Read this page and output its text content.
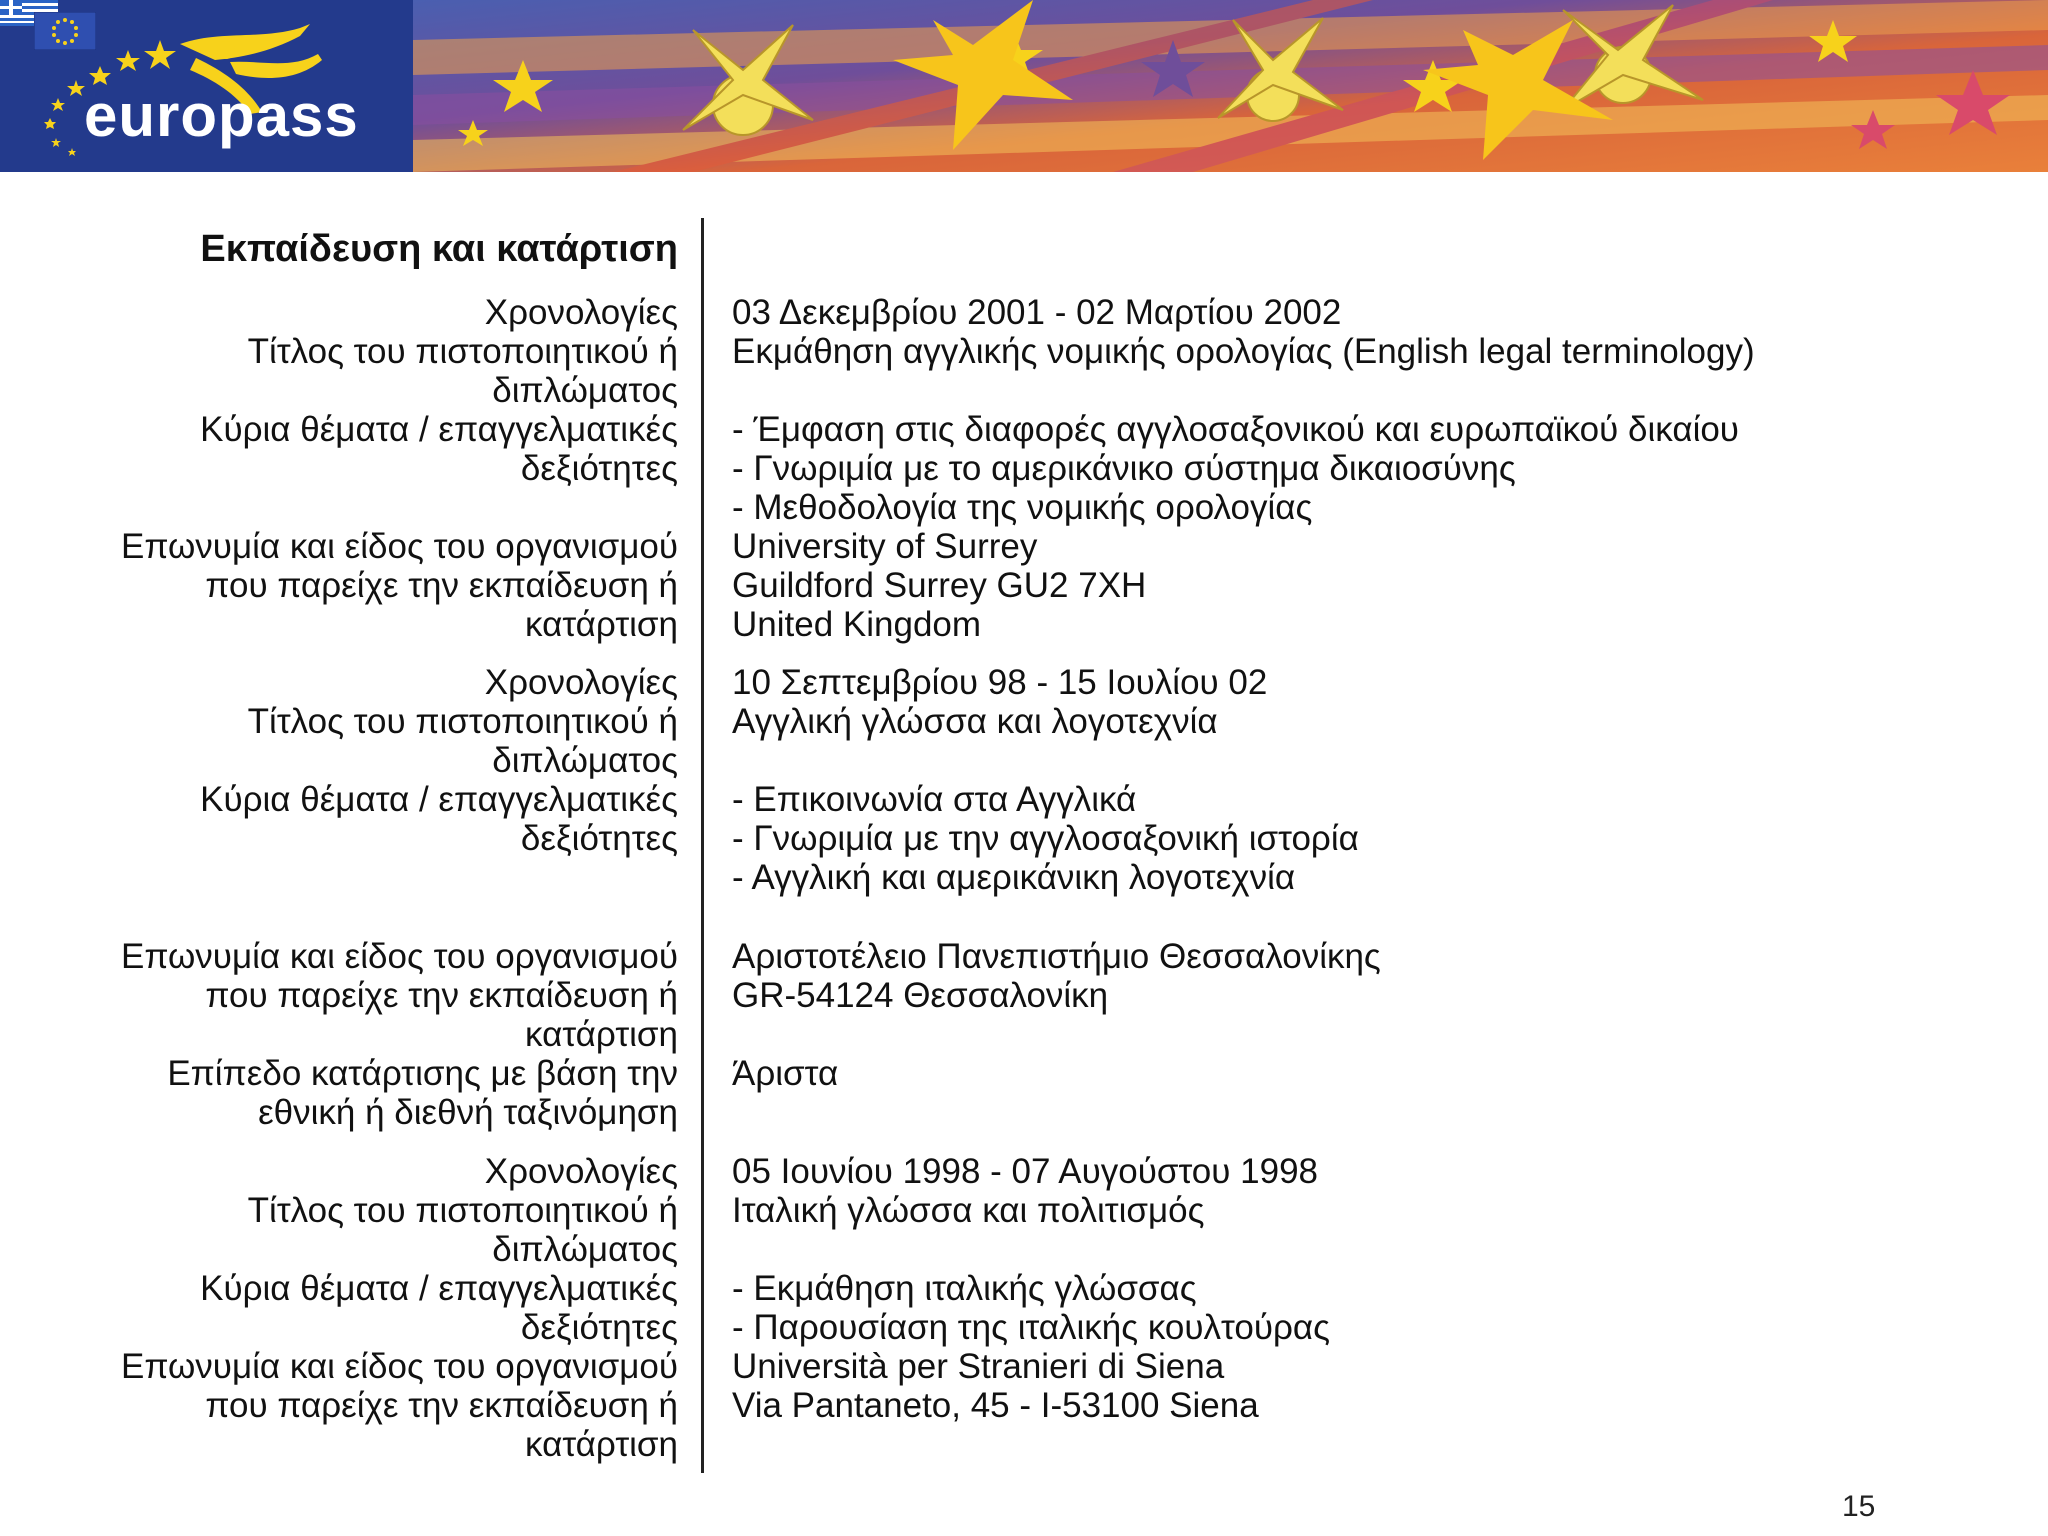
europass
Εκπαίδευση και κατάρτιση
Χρονολογίες 03 Δεκεμβρίου 2001 - 02 Μαρτίου 2002
Τίτλος του πιστοποιητικού ή
διπλώματος
Εκμάθηση αγγλικής νομικής ορολογίας (English legal terminology)
Κύρια θέματα / επαγγελματικές
δεξιότητες
- Έμφαση στις διαφορές αγγλοσαξονικού και ευρωπαϊκού δικαίου
- Γνωριμία με το αμερικάνικο σύστημα δικαιοσύνης
- Μεθοδολογία της νομικής ορολογίας
Επωνυμία και είδος του οργανισμού
που παρείχε την εκπαίδευση ή
κατάρτιση
University of Surrey
Guildford Surrey GU2 7XH
United Kingdom
Χρονολογίες 10 Σεπτεμβρίου 98 - 15 Ιουλίου 02
Τίτλος του πιστοποιητικού ή
διπλώματος
Αγγλική γλώσσα και λογοτεχνία
Κύρια θέματα / επαγγελματικές
δεξιότητες
- Επικοινωνία στα Αγγλικά
- Γνωριμία με την αγγλοσαξονική ιστορία
- Αγγλική και αμερικάνικη λογοτεχνία
Επωνυμία και είδος του οργανισμού
που παρείχε την εκπαίδευση ή
κατάρτιση
Αριστοτέλειο Πανεπιστήμιο Θεσσαλονίκης
GR-54124 Θεσσαλονίκη
Επίπεδο κατάρτισης με βάση την
εθνική ή διεθνή ταξινόμηση
Άριστα
Χρονολογίες 05 Ιουνίου 1998 - 07 Αυγούστου 1998
Τίτλος του πιστοποιητικού ή
διπλώματος
Ιταλική γλώσσα και πολιτισμός
Κύρια θέματα / επαγγελματικές
δεξιότητες
- Εκμάθηση ιταλικής γλώσσας
- Παρουσίαση της ιταλικής κουλτούρας
Επωνυμία και είδος του οργανισμού
που παρείχε την εκπαίδευση ή
κατάρτιση
Università per Stranieri di Siena
Via Pantaneto, 45 - I-53100 Siena
15
